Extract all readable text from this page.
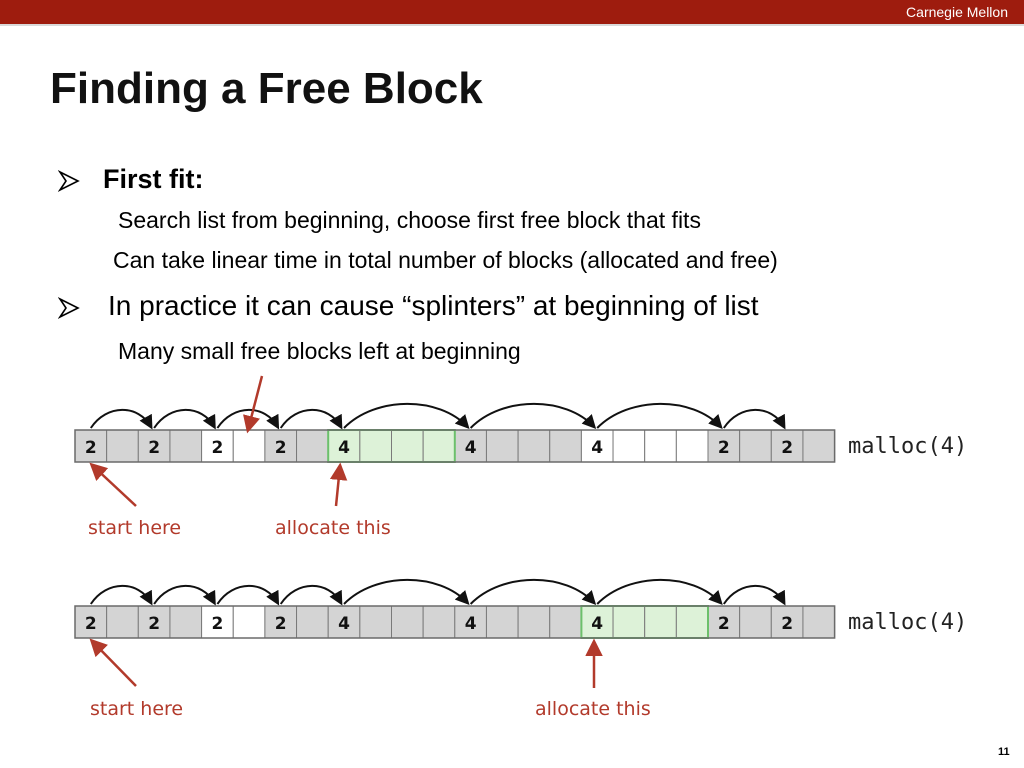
Carnegie Mellon
Finding a Free Block

First fit:

Search list from beginning, choose first free block that fits

Can take linear time in total number of blocks (allocated and free)

In practice it can cause “splinters” at beginning of list

Many small free blocks left at beginning

2	2	2	2	4	4	4	2	2
2	2	2	2	4	4	4	2	2
malloc(4)
start here	allocate this
malloc(4)
start here	allocate this
11
